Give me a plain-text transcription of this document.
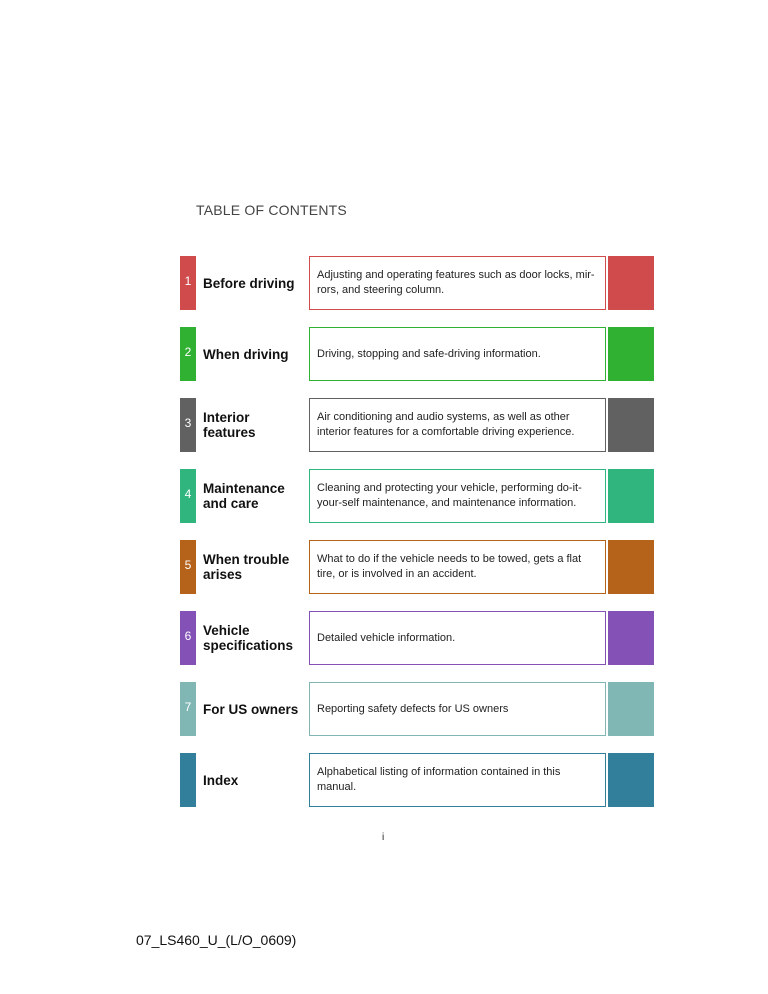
TABLE OF CONTENTS
1 Before driving
Adjusting and operating features such as door locks, mir-rors, and steering column.
2 When driving	Driving, stopping and safe-driving information.
3 Interior features
Air conditioning and audio systems, as well as other interior features for a comfortable driving experience.
4 Maintenance and care
Cleaning and protecting your vehicle, performing do-it-your-self maintenance, and maintenance information.
5 When trouble arises
What to do if the vehicle needs to be towed, gets a flat tire, or is involved in an accident.
6 Vehicle specifications
Detailed vehicle information.
7 For US owners	Reporting safety defects for US owners
Index
Alphabetical listing of information contained in this manual.
i
07_LS460_U_(L/O_0609)
